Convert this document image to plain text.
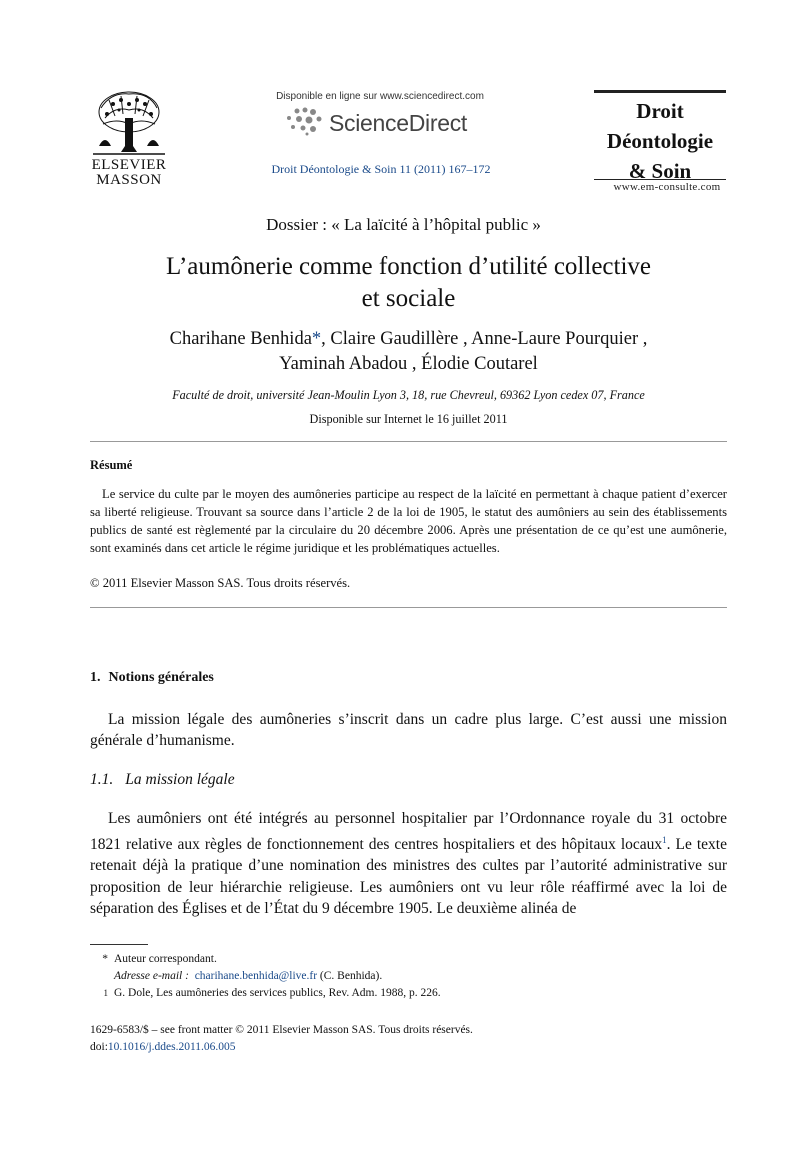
ELSEVIER
MASSON
Disponible en ligne sur www.sciencedirect.com
ScienceDirect
Droit Déontologie & Soin 11 (2011) 167–172
Droit
Déontologie
& Soin
www.em-consulte.com
Dossier : « La laïcité à l’hôpital public »
L’aumônerie comme fonction d’utilité collective
et sociale
Charihane Benhida*, Claire Gaudillère , Anne-Laure Pourquier ,
Yaminah Abadou , Élodie Coutarel
Faculté de droit, université Jean-Moulin Lyon 3, 18, rue Chevreul, 69362 Lyon cedex 07, France
Disponible sur Internet le 16 juillet 2011
Résumé

Le service du culte par le moyen des aumôneries participe au respect de la laïcité en permettant à chaque patient d’exercer sa liberté religieuse. Trouvant sa source dans l’article 2 de la loi de 1905, le statut des aumôniers au sein des établissements publics de santé est règlementé par la circulaire du 20 décembre 2006. Après une présentation de ce qu’est une aumônerie, sont examinés dans cet article le régime juridique et les problématiques actuelles.

© 2011 Elsevier Masson SAS. Tous droits réservés.
1. Notions générales

La mission légale des aumôneries s’inscrit dans un cadre plus large. C’est aussi une mission générale d’humanisme.

1.1. La mission légale

Les aumôniers ont été intégrés au personnel hospitalier par l’Ordonnance royale du 31 octobre 1821 relative aux règles de fonctionnement des centres hospitaliers et des hôpitaux locaux$^1$. Le texte retenait déjà la pratique d’une nomination des ministres des cultes par l’autorité administrative sur proposition de leur hiérarchie religieuse. Les aumôniers ont vu leur rôle réaffirmé avec la loi de séparation des Églises et de l’État du 9 décembre 1905. Le deuxième alinéa de

* Auteur correspondant.
Adresse e-mail : charihane.benhida@live.fr (C. Benhida).
1 G. Dole, Les aumôneries des services publics, Rev. Adm. 1988, p. 226.
1629-6583/$ – see front matter © 2011 Elsevier Masson SAS. Tous droits réservés.
doi:10.1016/j.ddes.2011.06.005
